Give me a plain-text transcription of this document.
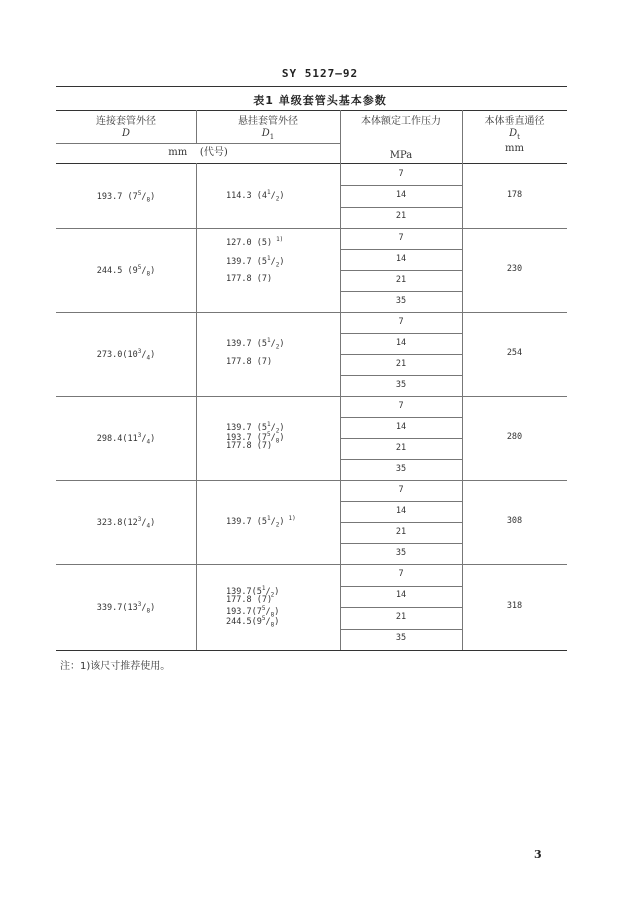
SY 5127—92
表1 单级套管头基本参数
连接套管外径
D
悬挂套管外径
$D_1$
本体额定工作压力
MPa
本体垂直通径
$D_t$
mm
mm    (代号)
193.7 $(7^5/_8)$	114.3 $(4^1/_2)$
7
14
21
178
244.5 $(9^5/_8)$
127.0 (5) $^{1)}$
139.7 $(5^1/_2)$
177.8 (7)
7
14
21
35
230
$273.0(10^3/_4)$
139.7 $(5^1/_2)$
177.8 (7)
7
14
21
35
254
$298.4(11^3/_4)$
139.7 $(5^1/_2)$
193.7 $(7^5/_8)$
177.8 (7)
7
14
21
35
280
$323.8(12^3/_4)$	139.7 $(5^1/_2)$ $^{1)}$
7
14
21
35
308
$339.7(13^3/_8)$
$139.7(5^1/_2)$
177.8 (7)
$193.7(7^5/_8)$
$244.5(9^5/_8)$
7
14
21
35
318
注：1)该尺寸推荐使用。
3
